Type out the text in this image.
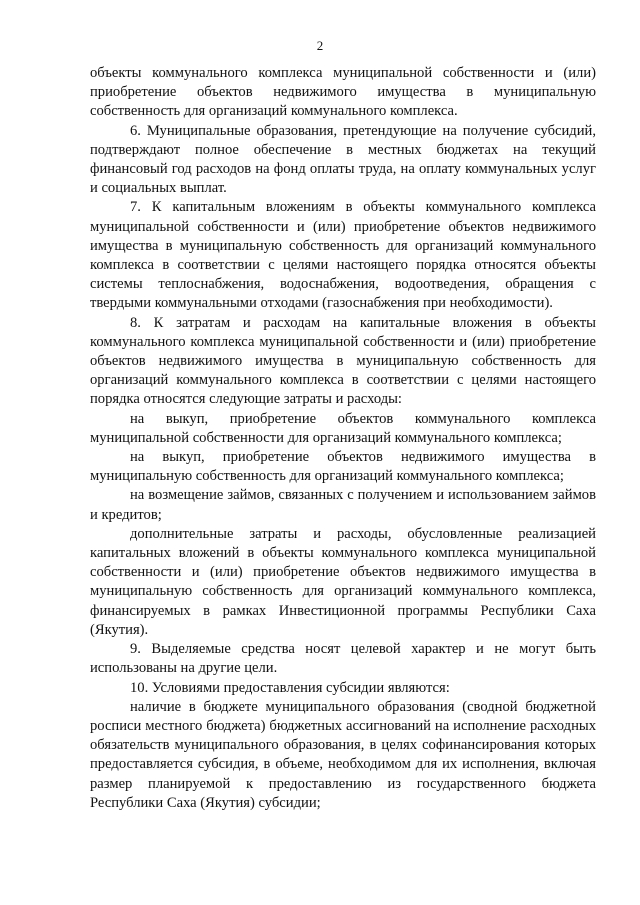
2

объекты коммунального комплекса муниципальной собственности и (или) приобретение объектов недвижимого имущества в муниципальную собственность для организаций коммунального комплекса.

6. Муниципальные образования, претендующие на получение субсидий, подтверждают полное обеспечение в местных бюджетах на текущий финансовый год расходов на фонд оплаты труда, на оплату коммунальных услуг и социальных выплат.

7. К капитальным вложениям в объекты коммунального комплекса муниципальной собственности и (или) приобретение объектов недвижимого имущества в муниципальную собственность для организаций коммунального комплекса в соответствии с целями настоящего порядка относятся объекты системы теплоснабжения, водоснабжения, водоотведения, обращения с твердыми коммунальными отходами (газоснабжения при необходимости).

8. К затратам и расходам на капитальные вложения в объекты коммунального комплекса муниципальной собственности и (или) приобретение объектов недвижимого имущества в муниципальную собственность для организаций коммунального комплекса в соответствии с целями настоящего порядка относятся следующие затраты и расходы:

на выкуп, приобретение объектов коммунального комплекса муниципальной собственности для организаций коммунального комплекса;

на выкуп, приобретение объектов недвижимого имущества в муниципальную собственность для организаций коммунального комплекса;

на возмещение займов, связанных с получением и использованием займов и кредитов;

дополнительные затраты и расходы, обусловленные реализацией капитальных вложений в объекты коммунального комплекса муниципальной собственности и (или) приобретение объектов недвижимого имущества в муниципальную собственность для организаций коммунального комплекса, финансируемых в рамках Инвестиционной программы Республики Саха (Якутия).

9. Выделяемые средства носят целевой характер и не могут быть использованы на другие цели.

10. Условиями предоставления субсидии являются:

наличие в бюджете муниципального образования (сводной бюджетной росписи местного бюджета) бюджетных ассигнований на исполнение расходных обязательств муниципального образования, в целях софинансирования которых предоставляется субсидия, в объеме, необходимом для их исполнения, включая размер планируемой к предоставлению из государственного бюджета Республики Саха (Якутия) субсидии;
